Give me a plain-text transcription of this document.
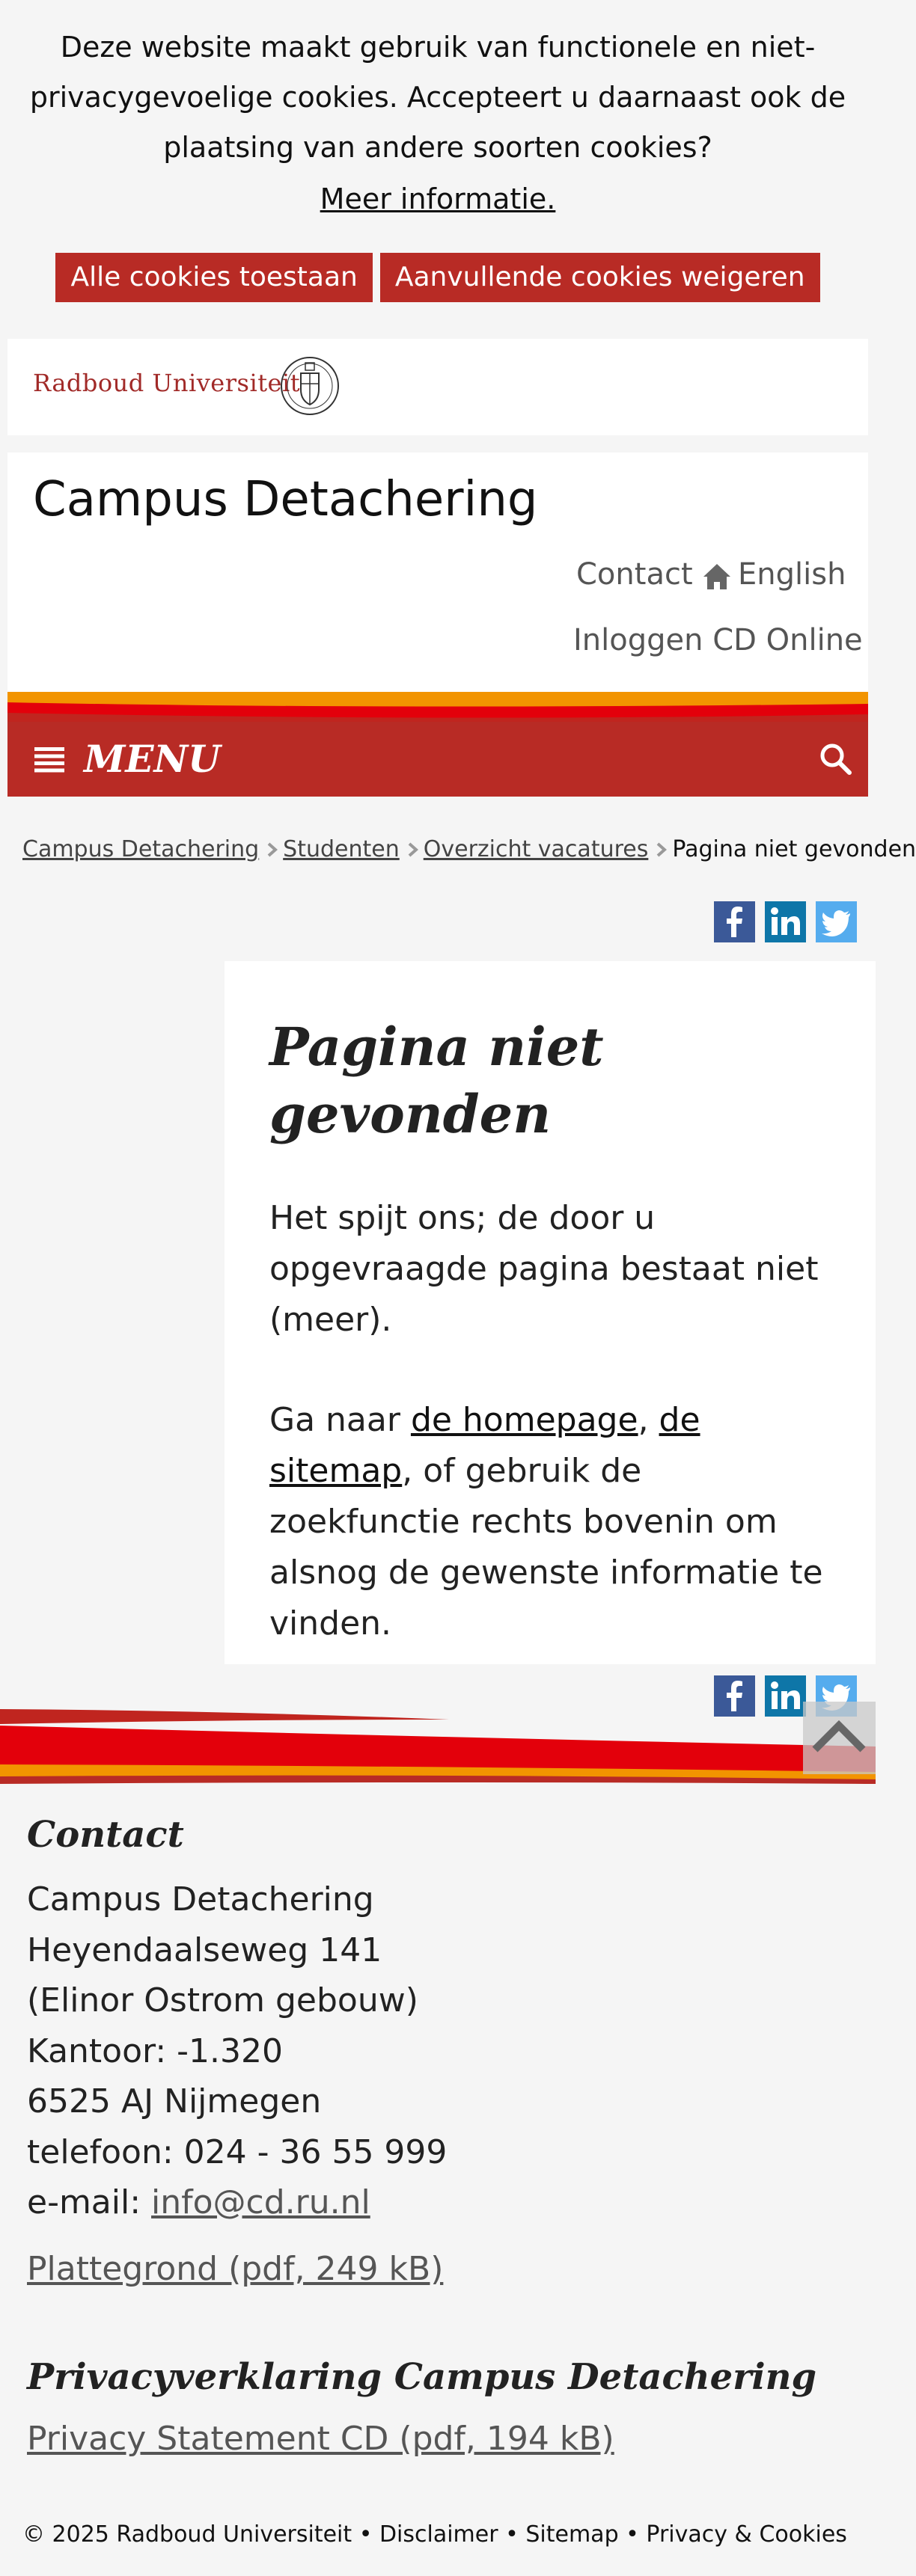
Deze website maakt gebruik van functionele en niet-privacygevoelige cookies. Accepteert u daarnaast ook de plaatsing van andere soorten cookies?

Meer informatie.
Alle cookies toestaan	Aanvullende cookies weigeren
Radboud Universiteit
Campus Detachering
Contact English
Inloggen CD Online
MENU
Campus Detachering Studenten Overzicht vacatures Pagina niet gevonden
Pagina niet gevonden

Het spijt ons; de door u opgevraagde pagina bestaat niet (meer).

Ga naar de homepage, de sitemap, of gebruik de zoekfunctie rechts bovenin om alsnog de gewenste informatie te vinden.

Contact
Campus Detachering
Heyendaalseweg 141
(Elinor Ostrom gebouw)
Kantoor: -1.320
6525 AJ Nijmegen
telefoon: 024 - 36 55 999
e-mail: info@cd.ru.nl
Plattegrond (pdf, 249 kB)
Privacyverklaring Campus Detachering
Privacy Statement CD (pdf, 194 kB)
© 2025 Radboud Universiteit • Disclaimer • Sitemap • Privacy & Cookies
